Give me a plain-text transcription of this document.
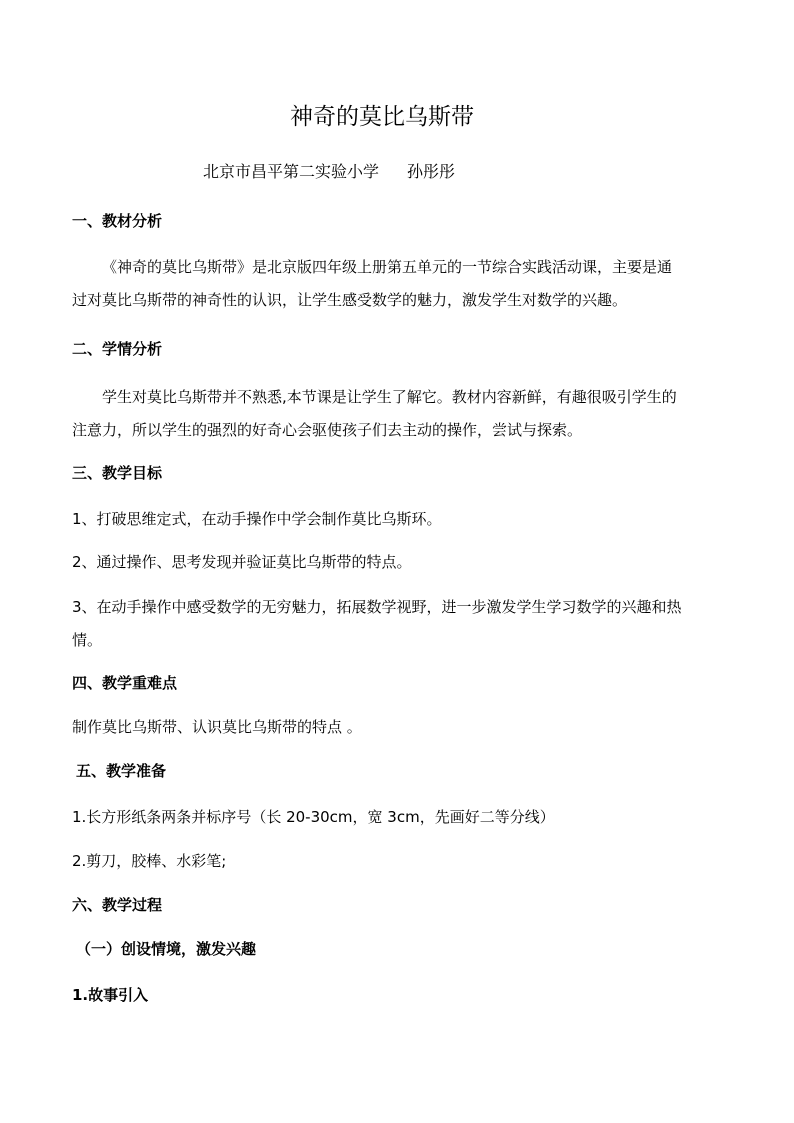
神奇的莫比乌斯带
北京市昌平第二实验小学 孙彤彤
一、教材分析
《神奇的莫比乌斯带》是北京版四年级上册第五单元的一节综合实践活动课，主要是通
过对莫比乌斯带的神奇性的认识，让学生感受数学的魅力，激发学生对数学的兴趣。
二、学情分析
学生对莫比乌斯带并不熟悉,本节课是让学生了解它。教材内容新鲜，有趣很吸引学生的
注意力，所以学生的强烈的好奇心会驱使孩子们去主动的操作，尝试与探索。
三、教学目标
1、打破思维定式，在动手操作中学会制作莫比乌斯环。
2、通过操作、思考发现并验证莫比乌斯带的特点。
3、在动手操作中感受数学的无穷魅力，拓展数学视野，进一步激发学生学习数学的兴趣和热
情。
四、教学重难点
制作莫比乌斯带、认识莫比乌斯带的特点 。
五、教学准备
1.长方形纸条两条并标序号（长 20-30cm，宽 3cm，先画好二等分线）
2.剪刀，胶棒、水彩笔;
六、教学过程
（一）创设情境，激发兴趣
1.故事引入
